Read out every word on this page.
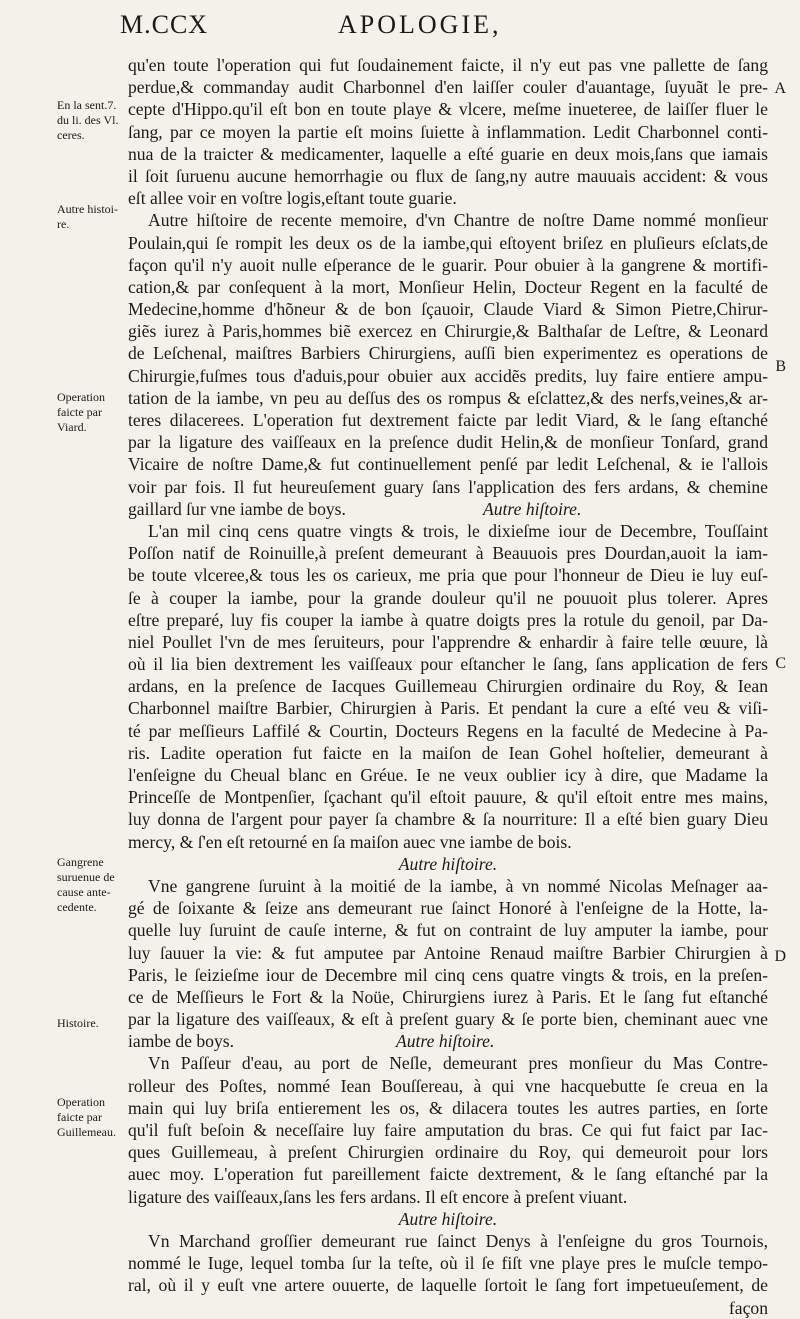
M.CCX	APOLOGIE,
En la sent.7. du li. des Vl. ceres.
Autre histoi-re.
Operation faicte par Viard.
Gangrene suruenue de cause ante-cedente.
Histoire.
Operation faicte par Guillemeau.
A
B
C
D
qu'en toute l'operation qui fut ſoudainement faicte, il n'y eut pas vne pallette de ſang
perdue,& commanday audit Charbonnel d'en laiſſer couler d'auantage, ſuyuãt le pre-
cepte d'Hippo.qu'il eſt bon en toute playe & vlcere, meſme inueteree, de laiſſer fluer le
ſang, par ce moyen la partie eſt moins ſuiette à inflammation. Ledit Charbonnel conti-
nua de la traicter & medicamenter, laquelle a eſté guarie en deux mois,ſans que iamais
il ſoit ſuruenu aucune hemorrhagie ou flux de ſang,ny autre mauuais accident: & vous
eſt allee voir en voſtre logis,eſtant toute guarie.
Autre hiſtoire de recente memoire, d'vn Chantre de noſtre Dame nommé monſieur
Poulain,qui ſe rompit les deux os de la iambe,qui eſtoyent briſez en pluſieurs eſclats,de
façon qu'il n'y auoit nulle eſperance de le guarir. Pour obuier à la gangrene & mortifi-
cation,& par conſequent à la mort, Monſieur Helin, Docteur Regent en la faculté de
Medecine,homme d'hõneur & de bon ſçauoir, Claude Viard & Simon Pietre,Chirur-
giẽs iurez à Paris,hommes biẽ exercez en Chirurgie,& Balthaſar de Leſtre, & Leonard
de Leſchenal, maiſtres Barbiers Chirurgiens, auſſi bien experimentez es operations de
Chirurgie,fuſmes tous d'aduis,pour obuier aux accidẽs predits, luy faire entiere ampu-
tation de la iambe, vn peu au deſſus des os rompus & eſclattez,& des nerfs,veines,& ar-
teres dilacerees. L'operation fut dextrement faicte par ledit Viard, & le ſang eſtanché
par la ligature des vaiſſeaux en la preſence dudit Helin,& de monſieur Tonſard, grand
Vicaire de noſtre Dame,& fut continuellement penſé par ledit Leſchenal, & ie l'allois
voir par fois. Il fut heureuſement guary ſans l'application des fers ardans, & chemine
gaillard ſur vne iambe de boys.	Autre hiſtoire.
L'an mil cinq cens quatre vingts & trois, le dixieſme iour de Decembre, Touſſaint
Poſſon natif de Roinuille,à preſent demeurant à Beauuois pres Dourdan,auoit la iam-
be toute vlceree,& tous les os carieux, me pria que pour l'honneur de Dieu ie luy euſ-
ſe à couper la iambe, pour la grande douleur qu'il ne pouuoit plus tolerer. Apres
eſtre preparé, luy fis couper la iambe à quatre doigts pres la rotule du genoil, par Da-
niel Poullet l'vn de mes ſeruiteurs, pour l'apprendre & enhardir à faire telle œuure, là
où il lia bien dextrement les vaiſſeaux pour eſtancher le ſang, ſans application de fers
ardans, en la preſence de Iacques Guillemeau Chirurgien ordinaire du Roy, & Iean
Charbonnel maiſtre Barbier, Chirurgien à Paris. Et pendant la cure a eſté veu & viſi-
té par meſſieurs Laffilé & Courtin, Docteurs Regens en la faculté de Medecine à Pa-
ris. Ladite operation fut faicte en la maiſon de Iean Gohel hoſtelier, demeurant à
l'enſeigne du Cheual blanc en Gréue. Ie ne veux oublier icy à dire, que Madame la
Princeſſe de Montpenſier, ſçachant qu'il eſtoit pauure, & qu'il eſtoit entre mes mains,
luy donna de l'argent pour payer ſa chambre & ſa nourriture: Il a eſté bien guary Dieu
mercy, & ſ'en eſt retourné en ſa maiſon auec vne iambe de bois.
Autre hiſtoire.
Vne gangrene ſuruint à la moitié de la iambe, à vn nommé Nicolas Meſnager aa-
gé de ſoixante & ſeize ans demeurant rue ſainct Honoré à l'enſeigne de la Hotte, la-
quelle luy ſuruint de cauſe interne, & fut on contraint de luy amputer la iambe, pour
luy ſauuer la vie: & fut amputee par Antoine Renaud maiſtre Barbier Chirurgien à
Paris, le ſeizieſme iour de Decembre mil cinq cens quatre vingts & trois, en la preſen-
ce de Meſſieurs le Fort & la Noüe, Chirurgiens iurez à Paris. Et le ſang fut eſtanché
par la ligature des vaiſſeaux, & eſt à preſent guary & ſe porte bien, cheminant auec vne
iambe de boys.	Autre hiſtoire.
Vn Paſſeur d'eau, au port de Neſle, demeurant pres monſieur du Mas Contre-
rolleur des Poſtes, nommé Iean Bouſſereau, à qui vne hacquebutte ſe creua en la
main qui luy briſa entierement les os, & dilacera toutes les autres parties, en ſorte
qu'il fuſt beſoin & neceſſaire luy faire amputation du bras. Ce qui fut faict par Iac-
ques Guillemeau, à preſent Chirurgien ordinaire du Roy, qui demeuroit pour lors
auec moy. L'operation fut pareillement faicte dextrement, & le ſang eſtanché par la
ligature des vaiſſeaux,ſans les fers ardans. Il eſt encore à preſent viuant.
Autre hiſtoire.
Vn Marchand groſſier demeurant rue ſainct Denys à l'enſeigne du gros Tournois,
nommé le Iuge, lequel tomba ſur la teſte, où il ſe fiſt vne playe pres le muſcle tempo-
ral, où il y euſt vne artere ouuerte, de laquelle ſortoit le ſang fort impetueuſement, de
façon
